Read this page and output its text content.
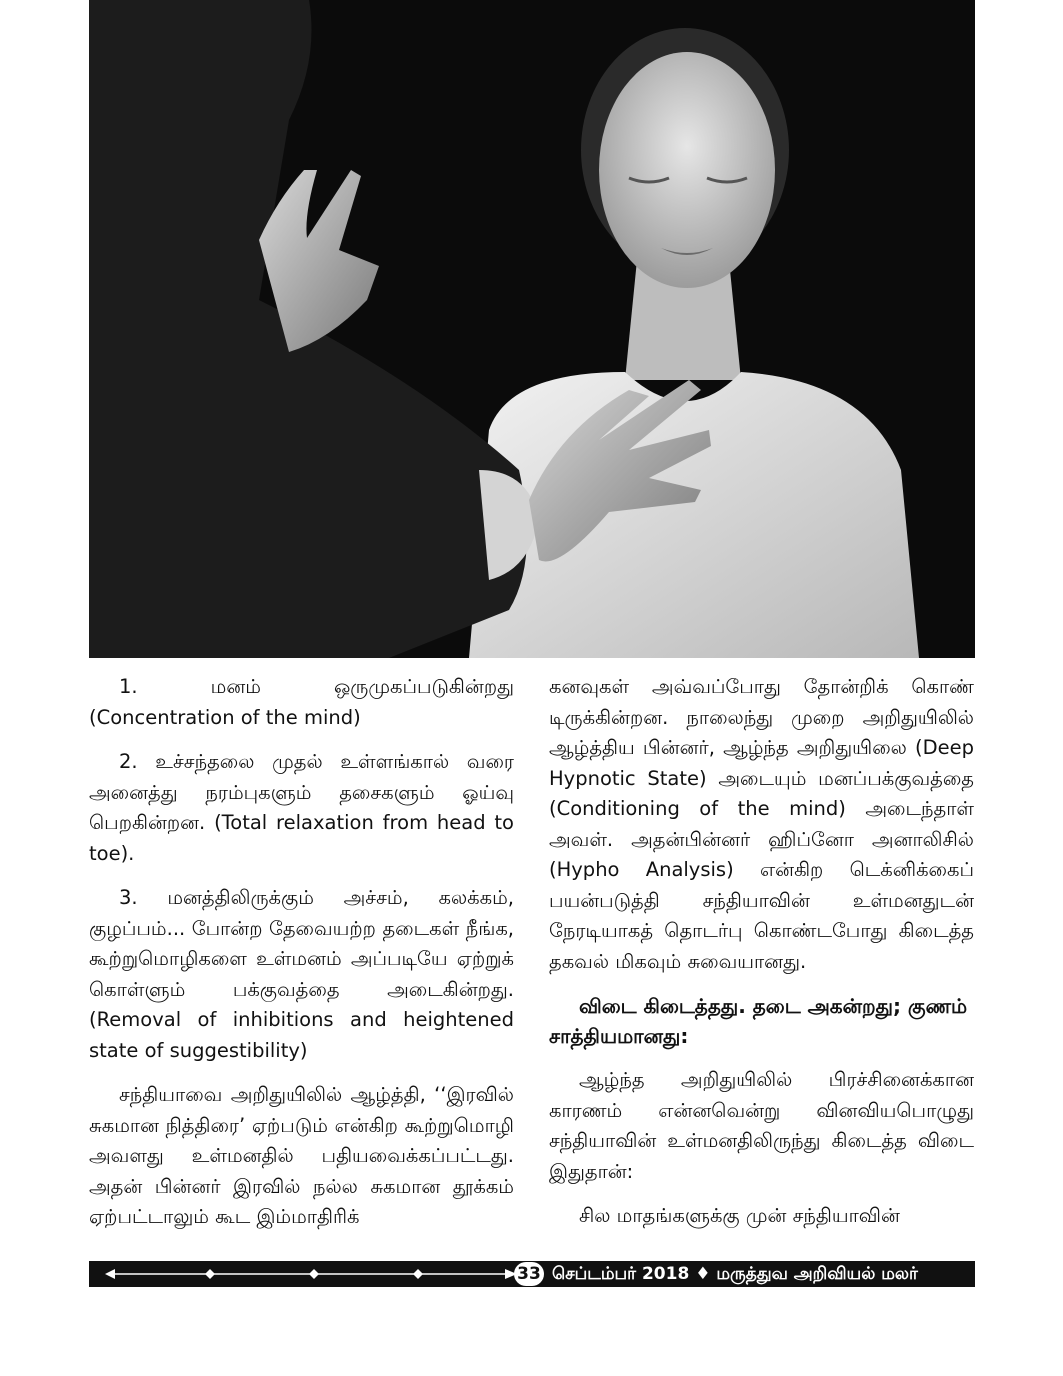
1. மனம் ஒருமுகப்படுகின்றது (Concentration of the mind)

2. உச்சந்தலை முதல் உள்ளங்கால் வரை அனைத்து நரம்புகளும் தசைகளும் ஓய்வு பெறகின்றன. (Total relaxation from head to toe).

3. மனத்திலிருக்கும் அச்சம், கலக்கம், குழப்பம்... போன்ற தேவையற்ற தடைகள் நீங்க, கூற்றுமொழிகளை உள்மனம் அப்படியே ஏற்றுக் கொள்ளும் பக்குவத்தை அடைகின்றது. (Removal of inhibitions and heightened state of suggestibility)

சந்தியாவை அறிதுயிலில் ஆழ்த்தி, ‘‘இரவில் சுகமான நித்திரை’ ஏற்படும் என்கிற கூற்றுமொழி அவளது உள்மனதில் பதியவைக்கப்பட்டது. அதன் பின்னர் இரவில் நல்ல சுகமான தூக்கம் ஏற்பட்டாலும் கூட இம்மாதிரிக்

கனவுகள் அவ்வப்போது தோன்றிக் கொண் டிருக்கின்றன. நாலைந்து முறை அறிதுயிலில் ஆழ்த்திய பின்னர், ஆழ்ந்த அறிதுயிலை (Deep Hypnotic State) அடையும் மனப்பக்குவத்தை (Conditioning of the mind) அடைந்தாள் அவள். அதன்பின்னர் ஹிப்னோ அனாலிசில் (Hypho Analysis) என்கிற டெக்னிக்கைப் பயன்படுத்தி சந்தியாவின் உள்மனதுடன் நேரடியாகத் தொடர்பு கொண்டபோது கிடைத்த தகவல் மிகவும் சுவையானது.

விடை கிடைத்தது. தடை அகன்றது; குணம் சாத்தியமானது:

ஆழ்ந்த அறிதுயிலில் பிரச்சினைக்கான காரணம் என்னவென்று வினவியபொழுது சந்தியாவின் உள்மனதிலிருந்து கிடைத்த விடை இதுதான்:

சில மாதங்களுக்கு முன் சந்தியாவின்

33 செப்டம்பர் 2018 ♦ மருத்துவ அறிவியல் மலர்
